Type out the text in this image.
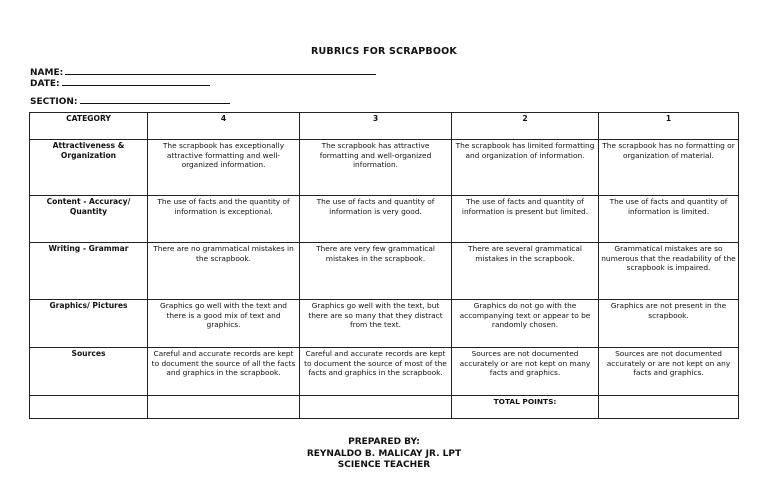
RUBRICS FOR SCRAPBOOK
NAME:
DATE:
SECTION:
CATEGORY	4	3	2	1
Attractiveness & Organization	The scrapbook has exceptionally attractive formatting and well-organized information.	The scrapbook has attractive formatting and well-organized information.	The scrapbook has limited formatting and organization of information.	The scrapbook has no formatting or organization of material.
Content - Accuracy/ Quantity	The use of facts and the quantity of information is exceptional.	The use of facts and quantity of information is very good.	The use of facts and quantity of information is present but limited.	The use of facts and quantity of information is limited.
Writing - Grammar	There are no grammatical mistakes in the scrapbook.	There are very few grammatical mistakes in the scrapbook.	There are several grammatical mistakes in the scrapbook.	Grammatical mistakes are so numerous that the readability of the scrapbook is impaired.
Graphics/ Pictures	Graphics go well with the text and there is a good mix of text and graphics.	Graphics go well with the text, but there are so many that they distract from the text.	Graphics do not go with the accompanying text or appear to be randomly chosen.	Graphics are not present in the scrapbook.
Sources	Careful and accurate records are kept to document the source of all the facts and graphics in the scrapbook.	Careful and accurate records are kept to document the source of most of the facts and graphics in the scrapbook.	Sources are not documented accurately or are not kept on many facts and graphics.	Sources are not documented accurately or are not kept on any facts and graphics.
			TOTAL POINTS:	
PREPARED BY:
REYNALDO B. MALICAY JR. LPT
SCIENCE TEACHER
